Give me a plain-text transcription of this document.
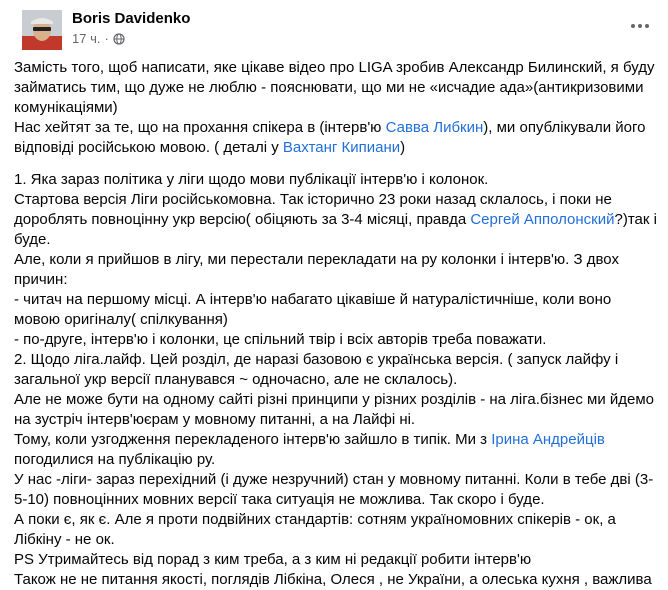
Boris Davidenko
17 ч. ·
Замість того, щоб написати, яке цікаве відео про LIGA зробив Александр Билинский, я буду
займатись тим, що дуже не люблю - пояснювати, що ми не «исчадие ада»(антикризовими
комунікаціями)
Нас хейтят за те, що на прохання спікера в (інтерв'ю Савва Либкин), ми опублікували його
відповіді російською мовою. ( деталі у Вахтанг Кипиани)
1. Яка зараз політика у ліги щодо мови публікації інтерв'ю і колонок.
Стартова версія Ліги російськомовна. Так історично 23 роки назад склалось, і поки не
дороблять повноцінну укр версію( обіцяють за 3-4 місяці, правда Сергей Апполонский?)так і
буде.
Але, коли я прийшов в лігу, ми перестали перекладати на ру колонки і інтерв'ю. З двох
причин:
- читач на першому місці. А інтерв'ю набагато цікавіше й натуралістичніше, коли воно
мовою оригіналу( спілкування)
- по-друге, інтерв'ю і колонки, це спільний твір і всіх авторів треба поважати.
2. Щодо ліга.лайф. Цей розділ, де наразі базовою є українська версія. ( запуск лайфу і
загальної укр версії планувався ~ одночасно, але не склалось).
Але не може бути на одному сайті різні принципи у різних розділів - на ліга.бізнес ми йдемо
на зустріч інтерв'юєрам у мовному питанні, а на Лайфі ні.
Тому, коли узгодження перекладеного інтерв'ю зайшло в типік. Ми з Ірина Андрейців
погодилися на публікацію ру.
У нас -ліги- зараз перехідний (і дуже незручний) стан у мовному питанні. Коли в тебе дві (3-
5-10) повноцінних мовних версії така ситуація не можлива. Так скоро і буде.
А поки є, як є. Але я проти подвійних стандартів: сотням україномовних спікерів - ок, а
Лібкіну - не ок.
PS Утримайтесь від порад з ким треба, а з ким ні редакції робити інтерв'ю
Також не не питання якості, поглядів Лібкіна, Олеся , не України, а олеська кухня , важлива
